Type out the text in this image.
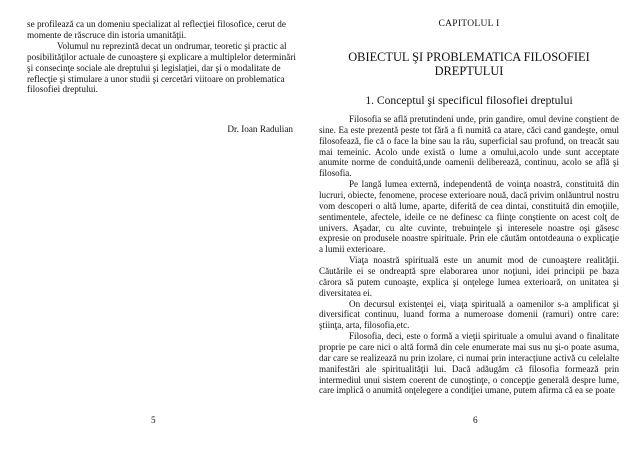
se profilează ca un domeniu specializat al reflecţiei filosofice, cerut de momente de răscruce din istoria umanităţii.

Volumul nu reprezintă decat un ondrumar, teoretic şi practic al posibilităţilor actuale de cunoaştere şi explicare a multiplelor determinări şi consecinţe sociale ale dreptului şi legislaţiei, dar şi o modalitate de reflecţie şi stimulare a unor studii şi cercetări viitoare on problematica filosofiei dreptului.

Dr. Ioan Radulian
5
CAPITOLUL I
OBIECTUL ŞI PROBLEMATICA FILOSOFIEI DREPTULUI
1. Conceptul şi specificul filosofiei dreptului

Filosofia se află pretutindeni unde, prin gandire, omul devine conştient de sine. Ea este prezentă peste tot fără a fi numită ca atare, căci cand gandeşte, omul filosofează, fie că o face la bine sau la rău, superficial sau profund, on treacăt sau mai temeinic. Acolo unde există o lume a omului,acolo unde sunt acceptate anumite norme de conduită,unde oamenii deliberează, continuu, acolo se află şi filosofia.

Pe langă lumea externă, independentă de voinţa noastră, constituită din lucruri, obiecte, fenomene, procese exterioare nouă, dacă privim onlăuntrul nostru vom descoperi o altă lume, aparte, diferită de cea dintai, constituită din emoţiile, sentimentele, afectele, ideile ce ne definesc ca fiinţe conştiente on acest colţ de univers. Aşadar, cu alte cuvinte, trebuinţele şi interesele noastre oşi găsesc expresie on produsele noastre spirituale. Prin ele căutăm ontotdeauna o explicaţie a lumii exterioare.

Viaţa noastră spirituală este un anumit mod de cunoaştere realităţii. Căutările ei se ondreaptă spre elaborarea unor noţiuni, idei principii pe baza cărora să putem cunoaşte, explica şi onţelege lumea exterioară, on unitatea şi diversitatea ei.

On decursul existenţei ei, viaţa spirituală a oamenilor s-a amplificat şi diversificat continuu, luand forma a numeroase domenii (ramuri) ontre care: ştiinţa, arta, filosofia,etc.

Filosofia, deci, este o formă a vieţii spirituale a omului avand o finalitate proprie pe care nici o altă formă din cele enumerate mai sus nu şi-o poate asuma, dar care se realizează nu prin izolare, ci numai prin interacţiune activă cu celelalte manifestări ale spiritualităţii lui. Dacă adăugăm că filosofia formează prin intermediul unui sistem coerent de cunoştinţe, o concepţie generală despre lume, care implică o anumită onţelegere a condiţiei umane, putem afirma că ea se poate

6
